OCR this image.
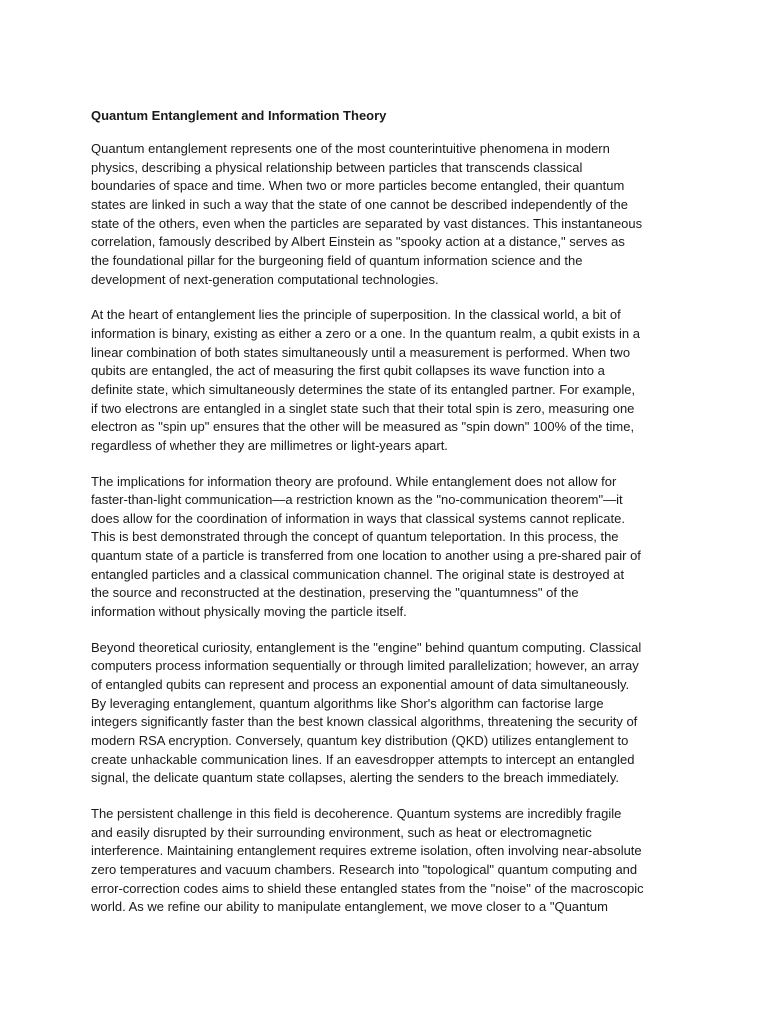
Quantum Entanglement and Information Theory

Quantum entanglement represents one of the most counterintuitive phenomena in modern
physics, describing a physical relationship between particles that transcends classical
boundaries of space and time. When two or more particles become entangled, their quantum
states are linked in such a way that the state of one cannot be described independently of the
state of the others, even when the particles are separated by vast distances. This instantaneous
correlation, famously described by Albert Einstein as "spooky action at a distance," serves as
the foundational pillar for the burgeoning field of quantum information science and the
development of next-generation computational technologies.

At the heart of entanglement lies the principle of superposition. In the classical world, a bit of
information is binary, existing as either a zero or a one. In the quantum realm, a qubit exists in a
linear combination of both states simultaneously until a measurement is performed. When two
qubits are entangled, the act of measuring the first qubit collapses its wave function into a
definite state, which simultaneously determines the state of its entangled partner. For example,
if two electrons are entangled in a singlet state such that their total spin is zero, measuring one
electron as "spin up" ensures that the other will be measured as "spin down" 100% of the time,
regardless of whether they are millimetres or light-years apart.

The implications for information theory are profound. While entanglement does not allow for
faster-than-light communication—a restriction known as the "no-communication theorem"—it
does allow for the coordination of information in ways that classical systems cannot replicate.
This is best demonstrated through the concept of quantum teleportation. In this process, the
quantum state of a particle is transferred from one location to another using a pre-shared pair of
entangled particles and a classical communication channel. The original state is destroyed at
the source and reconstructed at the destination, preserving the "quantumness" of the
information without physically moving the particle itself.

Beyond theoretical curiosity, entanglement is the "engine" behind quantum computing. Classical
computers process information sequentially or through limited parallelization; however, an array
of entangled qubits can represent and process an exponential amount of data simultaneously.
By leveraging entanglement, quantum algorithms like Shor's algorithm can factorise large
integers significantly faster than the best known classical algorithms, threatening the security of
modern RSA encryption. Conversely, quantum key distribution (QKD) utilizes entanglement to
create unhackable communication lines. If an eavesdropper attempts to intercept an entangled
signal, the delicate quantum state collapses, alerting the senders to the breach immediately.

The persistent challenge in this field is decoherence. Quantum systems are incredibly fragile
and easily disrupted by their surrounding environment, such as heat or electromagnetic
interference. Maintaining entanglement requires extreme isolation, often involving near-absolute
zero temperatures and vacuum chambers. Research into "topological" quantum computing and
error-correction codes aims to shield these entangled states from the "noise" of the macroscopic
world. As we refine our ability to manipulate entanglement, we move closer to a "Quantum
